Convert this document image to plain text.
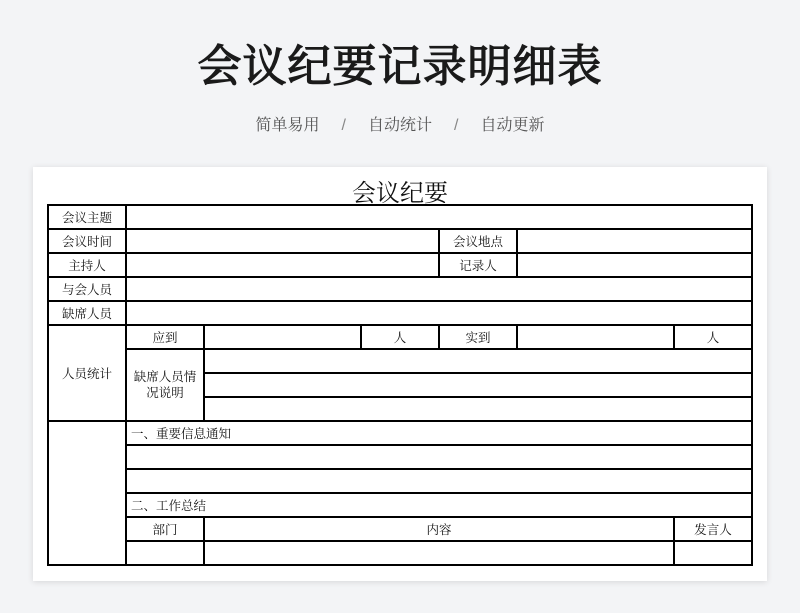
会议纪要记录明细表
简单易用 / 自动统计 / 自动更新
会议纪要
会议主题						
会议时间				会议地点		
主持人				记录人		
与会人员						
缺席人员						
人员统计	应到		人	实到		人
	缺席人员情况说明					

	一、重要信息通知					

	二、工作总结					
	部门	内容				发言人
